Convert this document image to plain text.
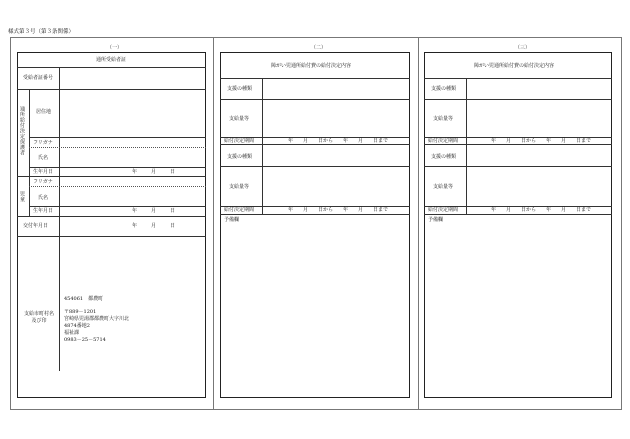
様式第３号（第３条関係）
（一）
通所受給者証
受給者証番号
通所給付決定保護者 居住地
フリガナ
氏名
生年月日	年	月	日
児童
フリガナ
氏名
生年月日	年	月	日
交付年月日	年	月	日
支給市町村名及び印
454061　都農町
〒889－1201
宮崎県児湯郡都農町大字川北
4874番地2
福祉課
0983－25－5714
（二）
障がい児通所給付費の給付決定内容
支援の種類
支給量等
給付決定期間	年　　月　　日から　　年　　月　　日まで
支援の種類
支給量等
給付決定期間	年　　月　　日から　　年　　月　　日まで
予備欄
（三）
障がい児通所給付費の給付決定内容
支援の種類
支給量等
給付決定期間	年　　月　　日から　　年　　月　　日まで
支援の種類
支給量等
給付決定期間	年　　月　　日から　　年　　月　　日まで
予備欄
